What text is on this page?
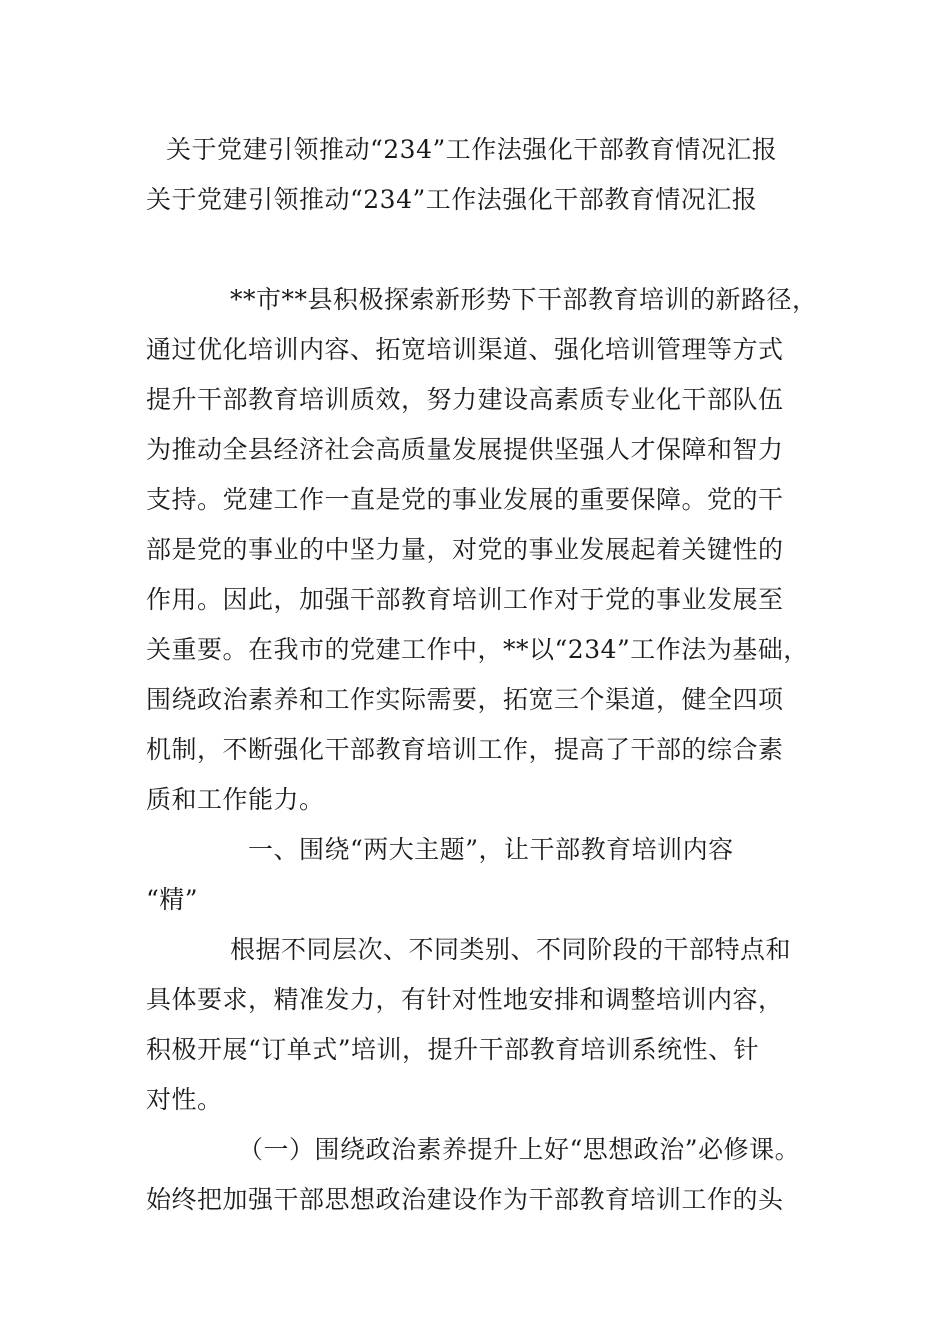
关于党建引领推动“234”工作法强化干部教育情况汇报
关于党建引领推动“234”工作法强化干部教育情况汇报
**市**县积极探索新形势下干部教育培训的新路径，
通过优化培训内容、拓宽培训渠道、强化培训管理等方式
提升干部教育培训质效，努力建设高素质专业化干部队伍
为推动全县经济社会高质量发展提供坚强人才保障和智力
支持。党建工作一直是党的事业发展的重要保障。党的干
部是党的事业的中坚力量，对党的事业发展起着关键性的
作用。因此，加强干部教育培训工作对于党的事业发展至
关重要。在我市的党建工作中，**以“234”工作法为基础，
围绕政治素养和工作实际需要，拓宽三个渠道，健全四项
机制，不断强化干部教育培训工作，提高了干部的综合素
质和工作能力。
一、围绕“两大主题”，让干部教育培训内容
“精”
根据不同层次、不同类别、不同阶段的干部特点和
具体要求，精准发力，有针对性地安排和调整培训内容，
积极开展“订单式”培训，提升干部教育培训系统性、针
对性。
（一）围绕政治素养提升上好“思想政治”必修课。
始终把加强干部思想政治建设作为干部教育培训工作的头
